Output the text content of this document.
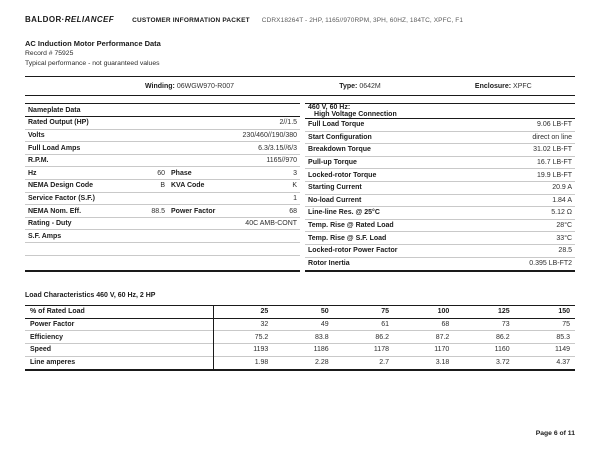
BALDOR·RELIANCEF	CUSTOMER INFORMATION PACKET CDRX18264T - 2HP, 1165//970RPM, 3PH, 60HZ, 184TC, XPFC, F1
AC Induction Motor Performance Data
Record # 75925
Typical performance - not guaranteed values
Winding: 06WGW970-R007	Type: 0642M	Enclosure: XPFC
Nameplate Data			
Rated Output (HP)	2//1.5		
Volts	230/460//190/380		
Full Load Amps	6.3/3.15//6/3		
R.P.M.	1165//970		
Hz	60	Phase	3
NEMA Design Code	B	KVA Code	K
Service Factor (S.F.)	1		
NEMA Nom. Eff.	88.5	Power Factor	68
Rating - Duty	40C AMB-CONT		
S.F. Amps			

460 V, 60 Hz:
High Voltage Connection	

Full Load Torque	9.06 LB-FT
Start Configuration	direct on line
Breakdown Torque	31.02 LB-FT
Pull-up Torque	16.7 LB-FT
Locked-rotor Torque	19.9 LB-FT
Starting Current	20.9 A
No-load Current	1.84 A
Line-line Res. @ 25°C	5.12 Ω
Temp. Rise @ Rated Load	28°C
Temp. Rise @ S.F. Load	33°C
Locked-rotor Power Factor	28.5
Rotor Inertia	0.395 LB-FT2
Load Characteristics 460 V, 60 Hz, 2 HP
% of Rated Load	25	50	75	100	125	150
Power Factor	32	49	61	68	73	75
Efficiency	75.2	83.8	86.2	87.2	86.2	85.3
Speed	1193	1186	1178	1170	1160	1149
Line amperes	1.98	2.28	2.7	3.18	3.72	4.37
Page 6 of 11
